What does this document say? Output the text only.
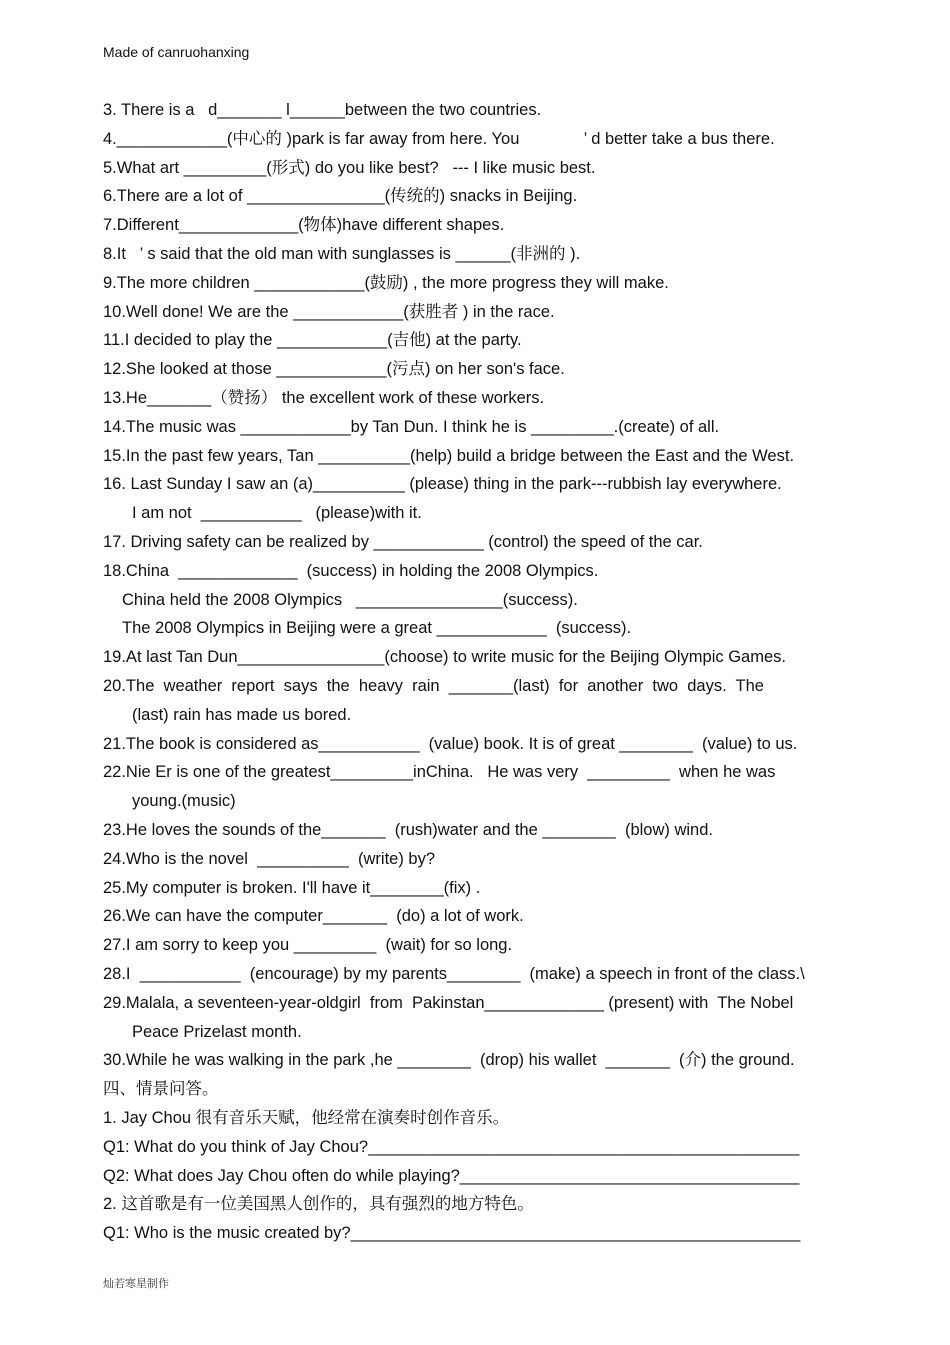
Made of canruohanxing
3. There is a   d_______ l______between the two countries.
4.____________(中心的 )park is far away from here. You              ’ d better take a bus there.
5.What art _________(形式) do you like best?   --- I like music best.
6.There are a lot of _______________(传统的) snacks in Beijing.
7.Different_____________(物体)have different shapes.
8.It   ’ s said that the old man with sunglasses is ______(非洲的 ).
9.The more children ____________(鼓励) , the more progress they will make.
10.Well done! We are the ____________(获胜者 ) in the race.
11.I decided to play the ____________(吉他) at the party.
12.She looked at those ____________(污点) on her son's face.
13.He_______（赞扬） the excellent work of these workers.
14.The music was ____________by Tan Dun. I think he is _________.(create) of all.
15.In the past few years, Tan __________(help) build a bridge between the East and the West.
16. Last Sunday I saw an (a)__________ (please) thing in the park---rubbish lay everywhere.
I am not  ___________   (please)with it.
17. Driving safety can be realized by ____________ (control) the speed of the car.
18.China  _____________  (success) in holding the 2008 Olympics.
China held the 2008 Olympics   ________________(success).
The 2008 Olympics in Beijing were a great ____________  (success).
19.At last Tan Dun________________(choose) to write music for the Beijing Olympic Games.
20.The  weather  report  says  the  heavy  rain  _______(last)  for  another  two  days.  The
(last) rain has made us bored.
21.The book is considered as___________  (value) book. It is of great ________  (value) to us.
22.Nie Er is one of the greatest_________inChina.   He was very  _________  when he was
young.(music)
23.He loves the sounds of the_______  (rush)water and the ________  (blow) wind.
24.Who is the novel  __________  (write) by?
25.My computer is broken. I'll have it________(fix) .
26.We can have the computer_______  (do) a lot of work.
27.I am sorry to keep you _________  (wait) for so long.
28.I  ___________  (encourage) by my parents________  (make) a speech in front of the class.\
29.Malala, a seventeen-year-oldgirl  from  Pakinstan_____________ (present) with  The Nobel
Peace Prizelast month.
30.While he was walking in the park ,he ________  (drop) his wallet  _______  (介) the ground.
四、情景问答。
1. Jay Chou 很有音乐天赋，他经常在演奏时创作音乐。
Q1: What do you think of Jay Chou?_______________________________________________
Q2: What does Jay Chou often do while playing?_____________________________________
2. 这首歌是有一位美国黑人创作的，具有强烈的地方特色。
Q1: Who is the music created by?_________________________________________________
灿若寒星制作
